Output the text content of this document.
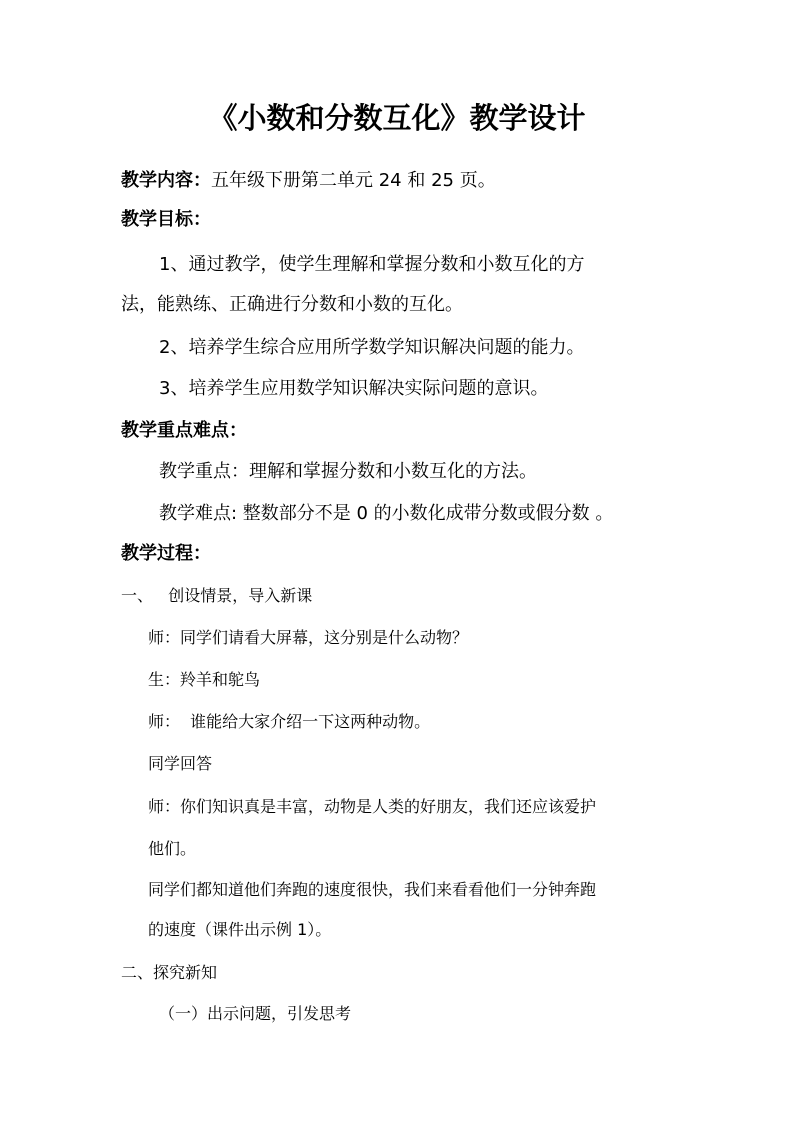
《小数和分数互化》教学设计

教学内容：五年级下册第二单元 24 和 25 页。

教学目标：

1、通过教学，使学生理解和掌握分数和小数互化的方

法，能熟练、正确进行分数和小数的互化。

2、培养学生综合应用所学数学知识解决问题的能力。

3、培养学生应用数学知识解决实际问题的意识。

教学重点难点：

教学重点：理解和掌握分数和小数互化的方法。

教学难点: 整数部分不是 0 的小数化成带分数或假分数 。

教学过程：

一、   创设情景，导入新课

师：同学们请看大屏幕，这分别是什么动物？

生：羚羊和鸵鸟

师：  谁能给大家介绍一下这两种动物。

同学回答

师：你们知识真是丰富，动物是人类的好朋友，我们还应该爱护

他们。

同学们都知道他们奔跑的速度很快，我们来看看他们一分钟奔跑

的速度（课件出示例 1）。

二、探究新知

（一）出示问题，引发思考
